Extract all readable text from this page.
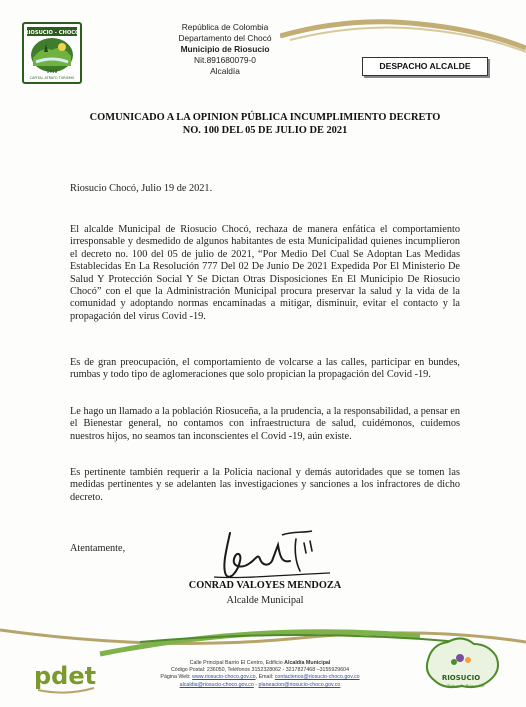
RIOSUCIO - CHOCO
1918
CAPITAL ATRATO TURISMO
República de Colombia
Departamento del Chocó
Municipio de Riosucio
Nit.891680079-0
Alcaldía	DESPACHO ALCALDE
COMUNICADO A LA OPINION PÚBLICA INCUMPLIMIENTO DECRETO
NO. 100 DEL 05 DE JULIO DE 2021
Riosucio Chocó, Julio 19 de 2021.

El alcalde Municipal de Riosucio Chocó, rechaza de manera enfática el comportamiento irresponsable y desmedido de algunos habitantes de esta Municipalidad quienes incumplieron el decreto no. 100 del 05 de julio de 2021, “Por Medio Del Cual Se Adoptan Las Medidas Establecidas En La Resolución 777 Del 02 De Junio De 2021 Expedida Por El Ministerio De Salud Y Protección Social Y Se Dictan Otras Disposiciones En El Municipio De Riosucio Chocó” con el que la Administración Municipal procura preservar la salud y la vida de la comunidad y adoptando normas encaminadas a mitigar, disminuir, evitar el contacto y la propagación del virus Covid -19.

Es de gran preocupación, el comportamiento de volcarse a las calles, participar en bundes, rumbas y todo tipo de aglomeraciones que solo propician la propagación del Covid -19.

Le hago un llamado a la población Riosuceña, a la prudencia, a la responsabilidad, a pensar en el Bienestar general, no contamos con infraestructura de salud, cuidémonos, cuidemos nuestros hijos, no seamos tan inconscientes el Covid -19, aún existe.

Es pertinente también requerir a la Policia nacional y demás autoridades que se tomen las medidas pertinentes y se adelanten las investigaciones y sanciones a los infractores de dicho decreto.

Atentamente,
CONRAD VALOYES MENDOZA
Alcalde Municipal
pdet	Calle Principal Barrio El Centro, Edificio Alcaldía Municipal
Código Postal: 236050, Teléfonos 3152328062 - 3217827468 –3155929604
Página Web: www.riosucio-choco.gov.co, Email: contactenos@riosucio-choco.gov.co
alcaldia@riosucio-choco.gov.co - planeacion@riosucio-choco.gov.co
RIOSUCIO
Tejiendo Bienestar
